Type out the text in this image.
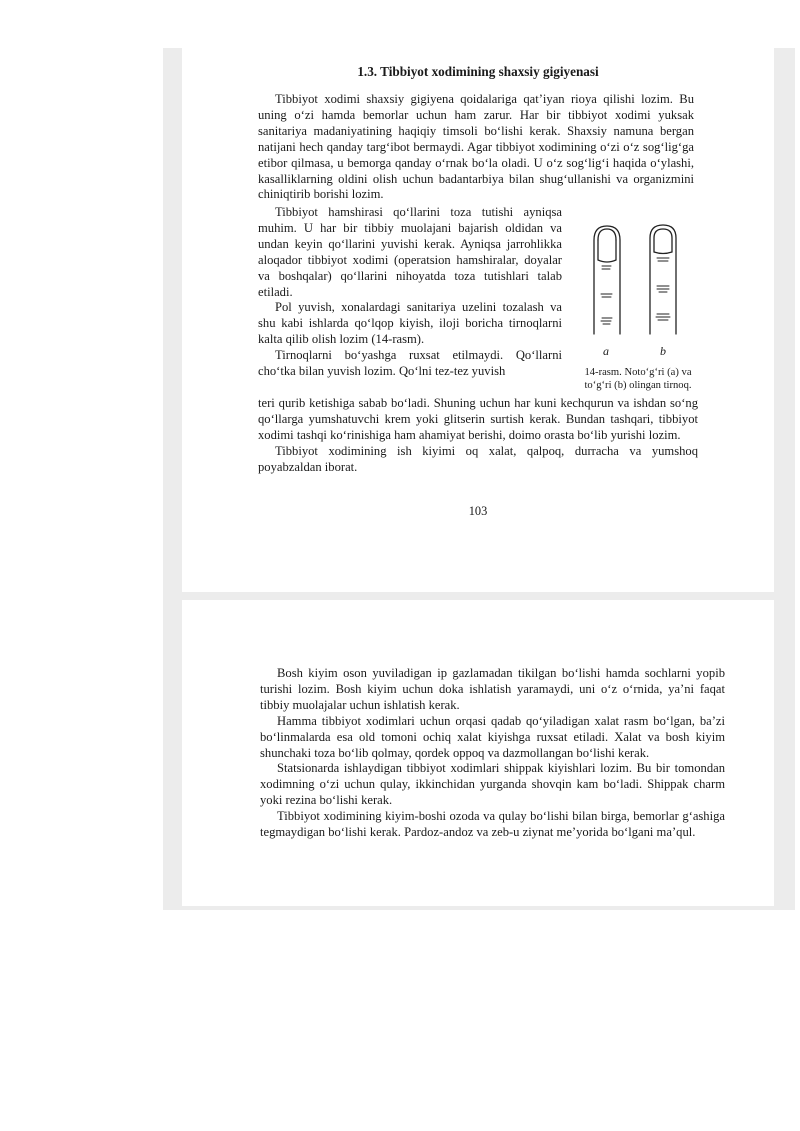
1.3. Tibbiyot xodimining shaxsiy gigiyenasi

Tibbiyot xodimi shaxsiy gigiyena qoidalariga qat’iyan rioya qilishi lozim. Bu uning o‘zi hamda bemorlar uchun ham zarur. Har bir tibbiyot xodimi yuksak sanitariya madaniyatining haqiqiy timsoli bo‘lishi kerak. Shaxsiy namuna bergan natijani hech qanday targ‘ibot bermaydi. Agar tibbiyot xodimining o‘zi o‘z sog‘lig‘ga etibor qilmasa, u bemorga qanday o‘rnak bo‘la oladi. U o‘z sog‘lig‘i haqida o‘ylashi, kasalliklarning oldini olish uchun badantarbiya bilan shug‘ullanishi va organizmini chiniqtirib borishi lozim.

Tibbiyot hamshirasi qo‘llarini toza tutishi ayniqsa muhim. U har bir tibbiy muolajani bajarish oldidan va undan keyin qo‘llarini yuvishi kerak. Ayniqsa jarrohlikka aloqador tibbiyot xodimi (operatsion hamshiralar, doyalar va boshqalar) qo‘llarini nihoyatda toza tutishlari talab etiladi.

Pol yuvish, xonalardagi sanitariya uzelini tozalash va shu kabi ishlarda qo‘lqop kiyish, iloji boricha tirnoqlarni kalta qilib olish lozim (14-rasm).

Tirnoqlarni bo‘yashga ruxsat etilmaydi. Qo‘llarni cho‘tka bilan yuvish lozim. Qo‘lni tez-tez yuvish

a	b
14-rasm. Noto‘g‘ri (a) va to‘g‘ri (b) olingan tirnoq.

teri qurib ketishiga sabab bo‘ladi. Shuning uchun har kuni kechqurun va ishdan so‘ng qo‘llarga yumshatuvchi krem yoki glitserin surtish kerak. Bundan tashqari, tibbiyot xodimi tashqi ko‘rinishiga ham ahamiyat berishi, doimo orasta bo‘lib yurishi lozim.

Tibbiyot xodimining ish kiyimi oq xalat, qalpoq, durracha va yumshoq poyabzaldan iborat.

103

Bosh kiyim oson yuviladigan ip gazlamadan tikilgan bo‘lishi hamda sochlarni yopib turishi lozim. Bosh kiyim uchun doka ishlatish yaramaydi, uni o‘z o‘rnida, ya’ni faqat tibbiy muolajalar uchun ishlatish kerak.

Hamma tibbiyot xodimlari uchun orqasi qadab qo‘yiladigan xalat rasm bo‘lgan, ba’zi bo‘linmalarda esa old tomoni ochiq xalat kiyishga ruxsat etiladi. Xalat va bosh kiyim shunchaki toza bo‘lib qolmay, qordek oppoq va dazmollangan bo‘lishi kerak.

Statsionarda ishlaydigan tibbiyot xodimlari shippak kiyishlari lozim. Bu bir tomondan xodimning o‘zi uchun qulay, ikkinchidan yurganda shovqin kam bo‘ladi. Shippak charm yoki rezina bo‘lishi kerak.

Tibbiyot xodimining kiyim-boshi ozoda va qulay bo‘lishi bilan birga, bemorlar g‘ashiga tegmaydigan bo‘lishi kerak. Pardoz-andoz va zeb-u ziynat me’yorida bo‘lgani ma’qul.
